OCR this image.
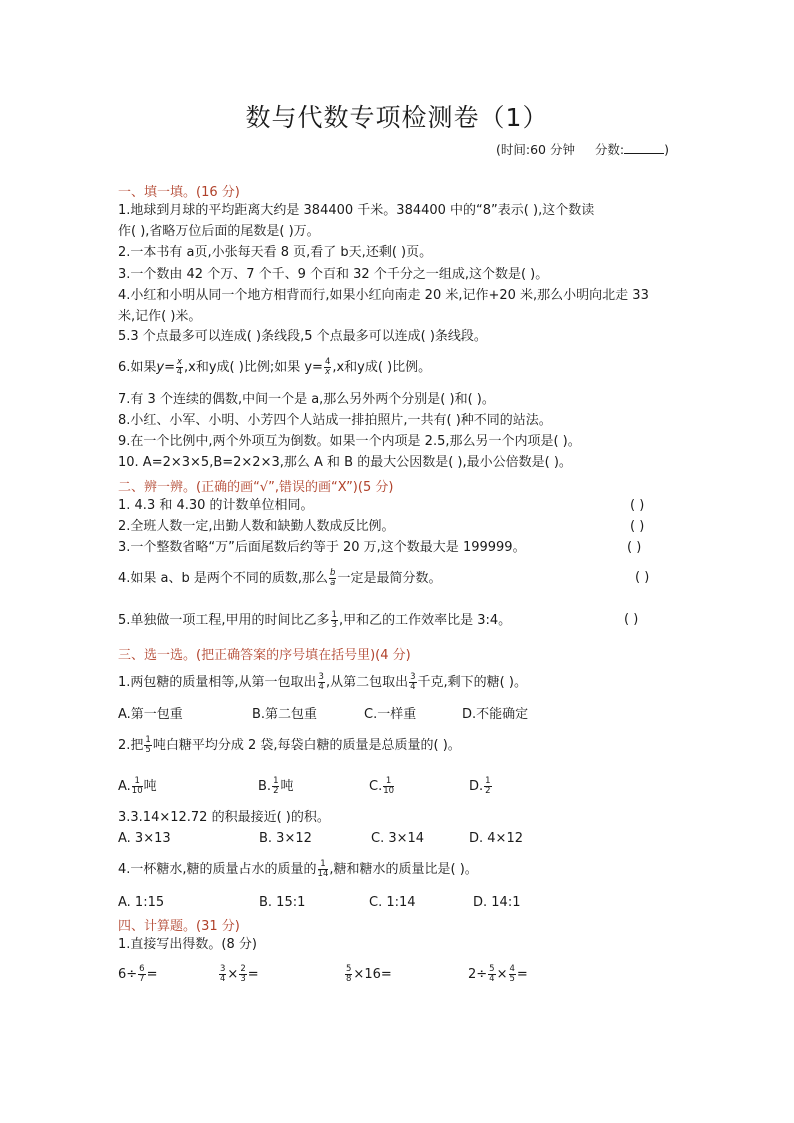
数与代数专项检测卷（1）
(时间:60 分钟 分数:	)
一、填一填。(16 分)
1.地球到月球的平均距离大约是 384400 千米。384400 中的“8”表示( ),这个数读
作( ),省略万位后面的尾数是( )万。
2.一本书有 a页,小张每天看 8 页,看了 b天,还剩( )页。
3.一个数由 42 个万、7 个千、9 个百和 32 个千分之一组成,这个数是( )。
4.小红和小明从同一个地方相背而行,如果小红向南走 20 米,记作+20 米,那么小明向北走 33
米,记作( )米。
5.3 个点最多可以连成( )条线段,5 个点最多可以连成( )条线段。
6.如果$y= \frac{x}{4} ,x$和y成( )比例;如果 $y= \frac{4}{x} ,x$和y成( )比例。
7.有 3 个连续的偶数,中间一个是 a,那么另外两个分别是( )和( )。
8.小红、小军、小明、小芳四个人站成一排拍照片,一共有( )种不同的站法。
9.在一个比例中,两个外项互为倒数。如果一个内项是 2.5,那么另一个内项是( )。
10. A=2×3×5,B=2×2×3,那么 A 和 B 的最大公因数是( ),最小公倍数是( )。
二、辨一辨。(正确的画“√”,错误的画“X”)(5 分)
1. 4.3 和 4.30 的计数单位相同。	( )
2.全班人数一定,出勤人数和缺勤人数成反比例。	( )
3.一个整数省略“万”后面尾数后约等于 20 万,这个数最大是 199999。	( )
4.如果 a、b 是两个不同的质数,那么 $\frac{b}{a}$ 一定是最简分数。	( )
5.单独做一项工程,甲用的时间比乙多 $\frac{1}{3}$ ,甲和乙的工作效率比是 3:4。	( )
三、选一选。(把正确答案的序号填在括号里)(4 分)
1.两包糖的质量相等,从第一包取出 $\frac{3}{4}$ ,从第二包取出 $\frac{3}{4}$ 千克,剩下的糖( )。
A.第一包重	B.第二包重	C.一样重	D.不能确定
2.把 $\frac{1}{5}$ 吨白糖平均分成 2 袋,每袋白糖的质量是总质量的( )。
A. $\frac{1}{10}$ 吨	B. $\frac{1}{2}$ 吨	C. $\frac{1}{10}$	D. $\frac{1}{2}$
3.3.14×12.72 的积最接近( )的积。
A. 3×13	B. 3×12	C. 3×14	D. 4×12
4.一杯糖水,糖的质量占水的质量的 $\frac{1}{14}$ ,糖和糖水的质量比是( )。
A. 1:15	B. 15:1	C. 1:14	D. 14:1
四、计算题。(31 分)
1.直接写出得数。(8 分)
$6\div \frac{6}{7}$ =	$\frac{3}{4} \times \frac{2}{3}$ =	$\frac{5}{8} \times 16=$	$2\div \frac{5}{4} \times \frac{4}{5}$ =
